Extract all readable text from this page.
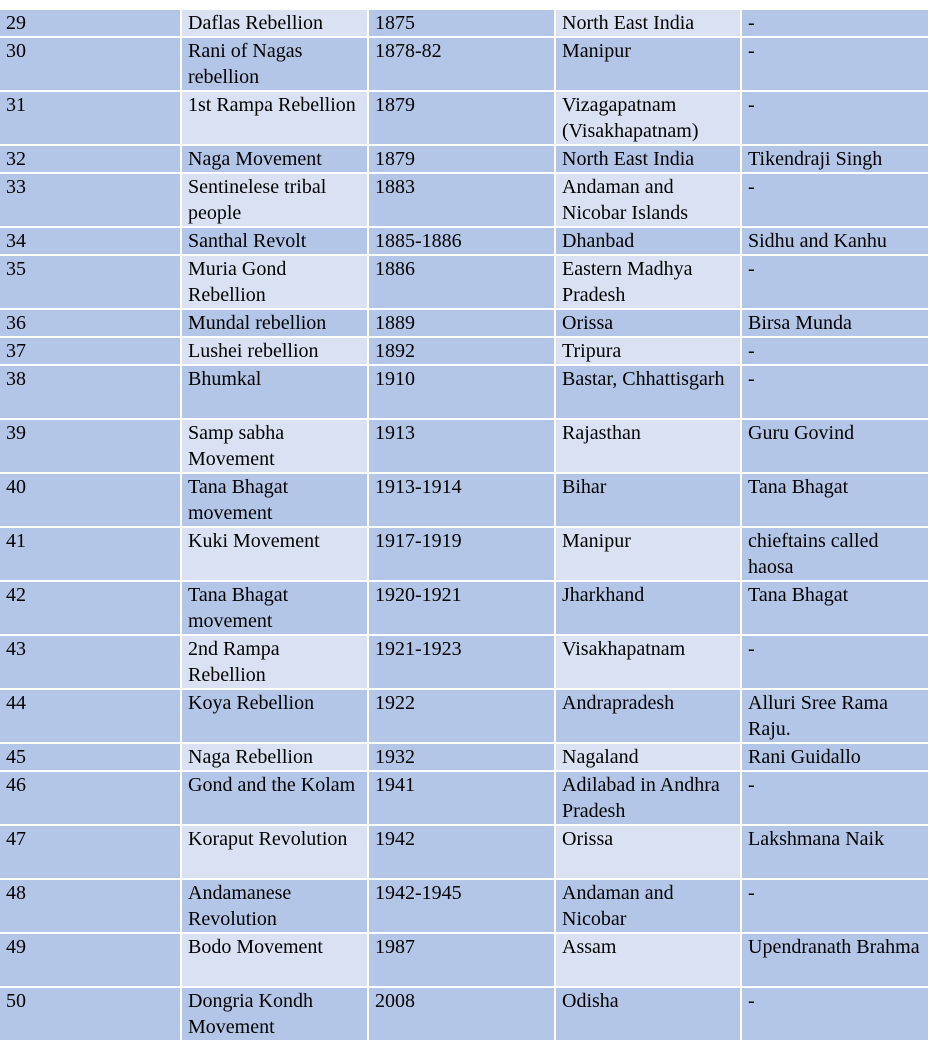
29	Daflas Rebellion	1875	North East India	-
30	Rani of Nagas rebellion	1878-82	Manipur	-
31	1st Rampa Rebellion	1879	Vizagapatnam (Visakhapatnam)	-
32	Naga Movement	1879	North East India	Tikendraji Singh
33	Sentinelese tribal people	1883	Andaman and Nicobar Islands	-
34	Santhal Revolt	1885-1886	Dhanbad	Sidhu and Kanhu
35	Muria Gond Rebellion	1886	Eastern Madhya Pradesh	-
36	Mundal rebellion	1889	Orissa	Birsa Munda
37	Lushei rebellion	1892	Tripura	-
38	Bhumkal	1910	Bastar, Chhattisgarh	-
39	Samp sabha Movement	1913	Rajasthan	Guru Govind
40	Tana Bhagat movement	1913-1914	Bihar	Tana Bhagat
41	Kuki Movement	1917-1919	Manipur	chieftains called haosa
42	Tana Bhagat movement	1920-1921	Jharkhand	Tana Bhagat
43	2nd Rampa Rebellion	1921-1923	Visakhapatnam	-
44	Koya Rebellion	1922	Andrapradesh	Alluri Sree Rama Raju.
45	Naga Rebellion	1932	Nagaland	Rani Guidallo
46	Gond and the Kolam	1941	Adilabad in Andhra Pradesh	-
47	Koraput Revolution	1942	Orissa	Lakshmana Naik
48	Andamanese Revolution	1942-1945	Andaman and Nicobar	-
49	Bodo Movement	1987	Assam	Upendranath Brahma
50	Dongria Kondh Movement	2008	Odisha	-
